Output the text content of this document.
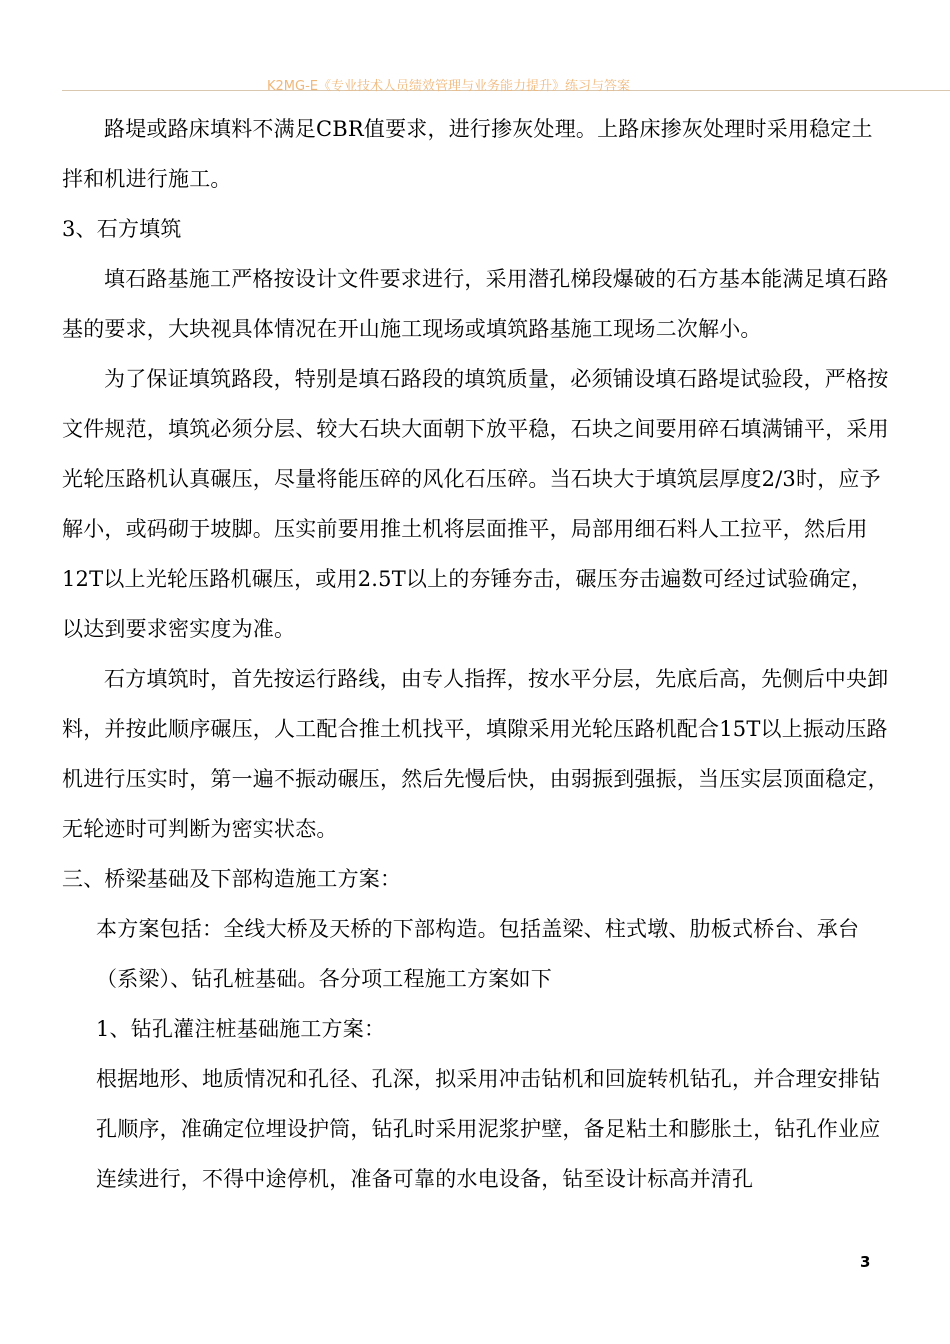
K2MG-E《专业技术人员绩效管理与业务能力提升》练习与答案

路堤或路床填料不满足CBR值要求，进行掺灰处理。上路床掺灰处理时采用稳定土拌和机进行施工。

3、石方填筑

填石路基施工严格按设计文件要求进行，采用潜孔梯段爆破的石方基本能满足填石路基的要求，大块视具体情况在开山施工现场或填筑路基施工现场二次解小。

为了保证填筑路段，特别是填石路段的填筑质量，必须铺设填石路堤试验段，严格按文件规范，填筑必须分层、较大石块大面朝下放平稳，石块之间要用碎石填满铺平，采用光轮压路机认真碾压，尽量将能压碎的风化石压碎。当石块大于填筑层厚度2/3时，应予解小，或码砌于坡脚。压实前要用推土机将层面推平，局部用细石料人工拉平，然后用12T以上光轮压路机碾压，或用2.5T以上的夯锤夯击，碾压夯击遍数可经过试验确定，以达到要求密实度为准。

石方填筑时，首先按运行路线，由专人指挥，按水平分层，先底后高，先侧后中央卸料，并按此顺序碾压，人工配合推土机找平，填隙采用光轮压路机配合15T以上振动压路机进行压实时，第一遍不振动碾压，然后先慢后快，由弱振到强振，当压实层顶面稳定，无轮迹时可判断为密实状态。

三、桥梁基础及下部构造施工方案：

本方案包括：全线大桥及天桥的下部构造。包括盖梁、柱式墩、肋板式桥台、承台（系梁）、钻孔桩基础。各分项工程施工方案如下

1、钻孔灌注桩基础施工方案：

根据地形、地质情况和孔径、孔深，拟采用冲击钻机和回旋转机钻孔，并合理安排钻孔顺序，准确定位埋设护筒，钻孔时采用泥浆护壁，备足粘土和膨胀土，钻孔作业应连续进行，不得中途停机，准备可靠的水电设备，钻至设计标高并清孔

3
